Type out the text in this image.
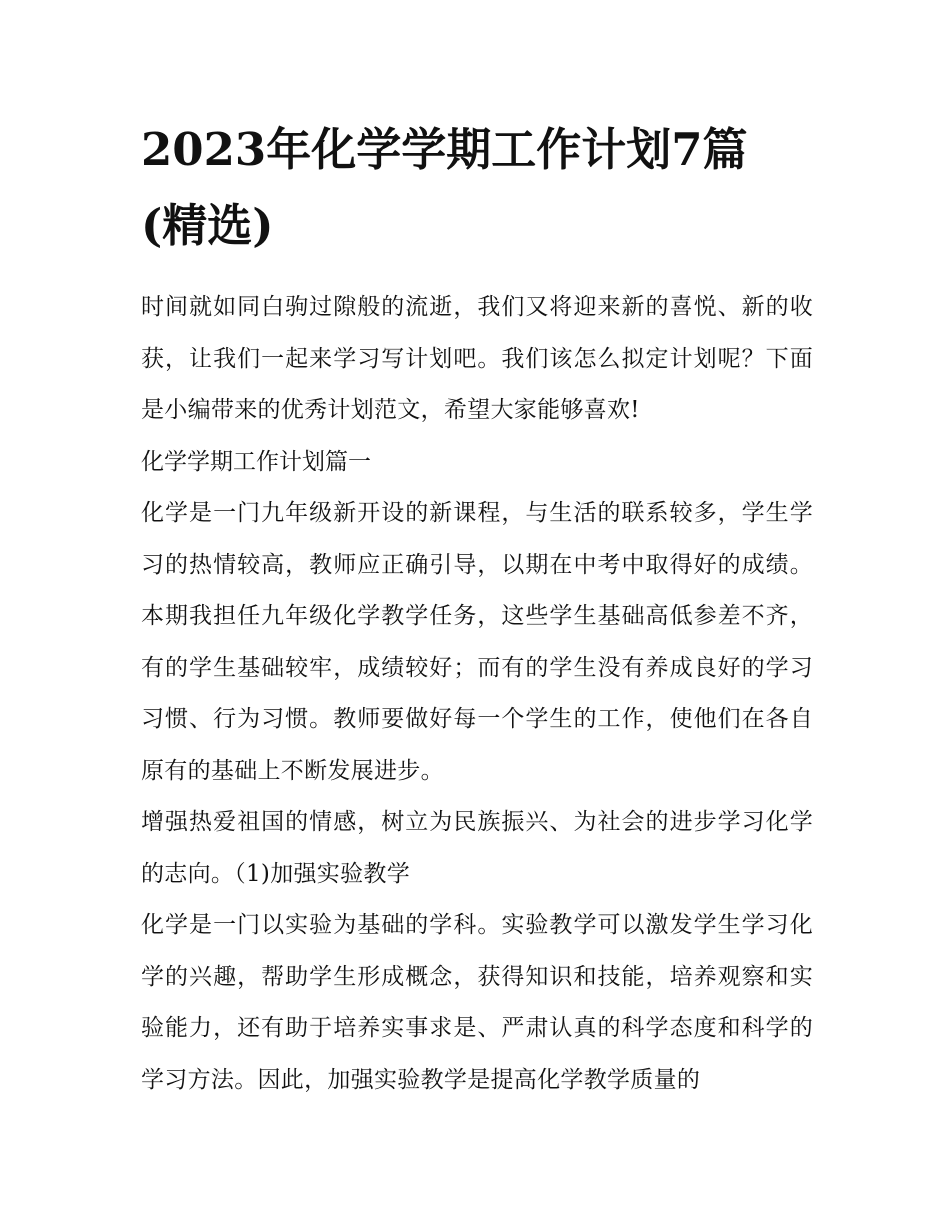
2023年化学学期工作计划7篇(精选)

时间就如同白驹过隙般的流逝，我们又将迎来新的喜悦、新的收获，让我们一起来学习写计划吧。我们该怎么拟定计划呢？下面是小编带来的优秀计划范文，希望大家能够喜欢!

化学学期工作计划篇一

化学是一门九年级新开设的新课程，与生活的联系较多，学生学习的热情较高，教师应正确引导，以期在中考中取得好的成绩。本期我担任九年级化学教学任务，这些学生基础高低参差不齐，有的学生基础较牢，成绩较好；而有的学生没有养成良好的学习习惯、行为习惯。教师要做好每一个学生的工作，使他们在各自原有的基础上不断发展进步。

增强热爱祖国的情感，树立为民族振兴、为社会的进步学习化学的志向。（1)加强实验教学

化学是一门以实验为基础的学科。实验教学可以激发学生学习化学的兴趣，帮助学生形成概念，获得知识和技能，培养观察和实验能力，还有助于培养实事求是、严肃认真的科学态度和科学的学习方法。因此，加强实验教学是提高化学教学质量的
